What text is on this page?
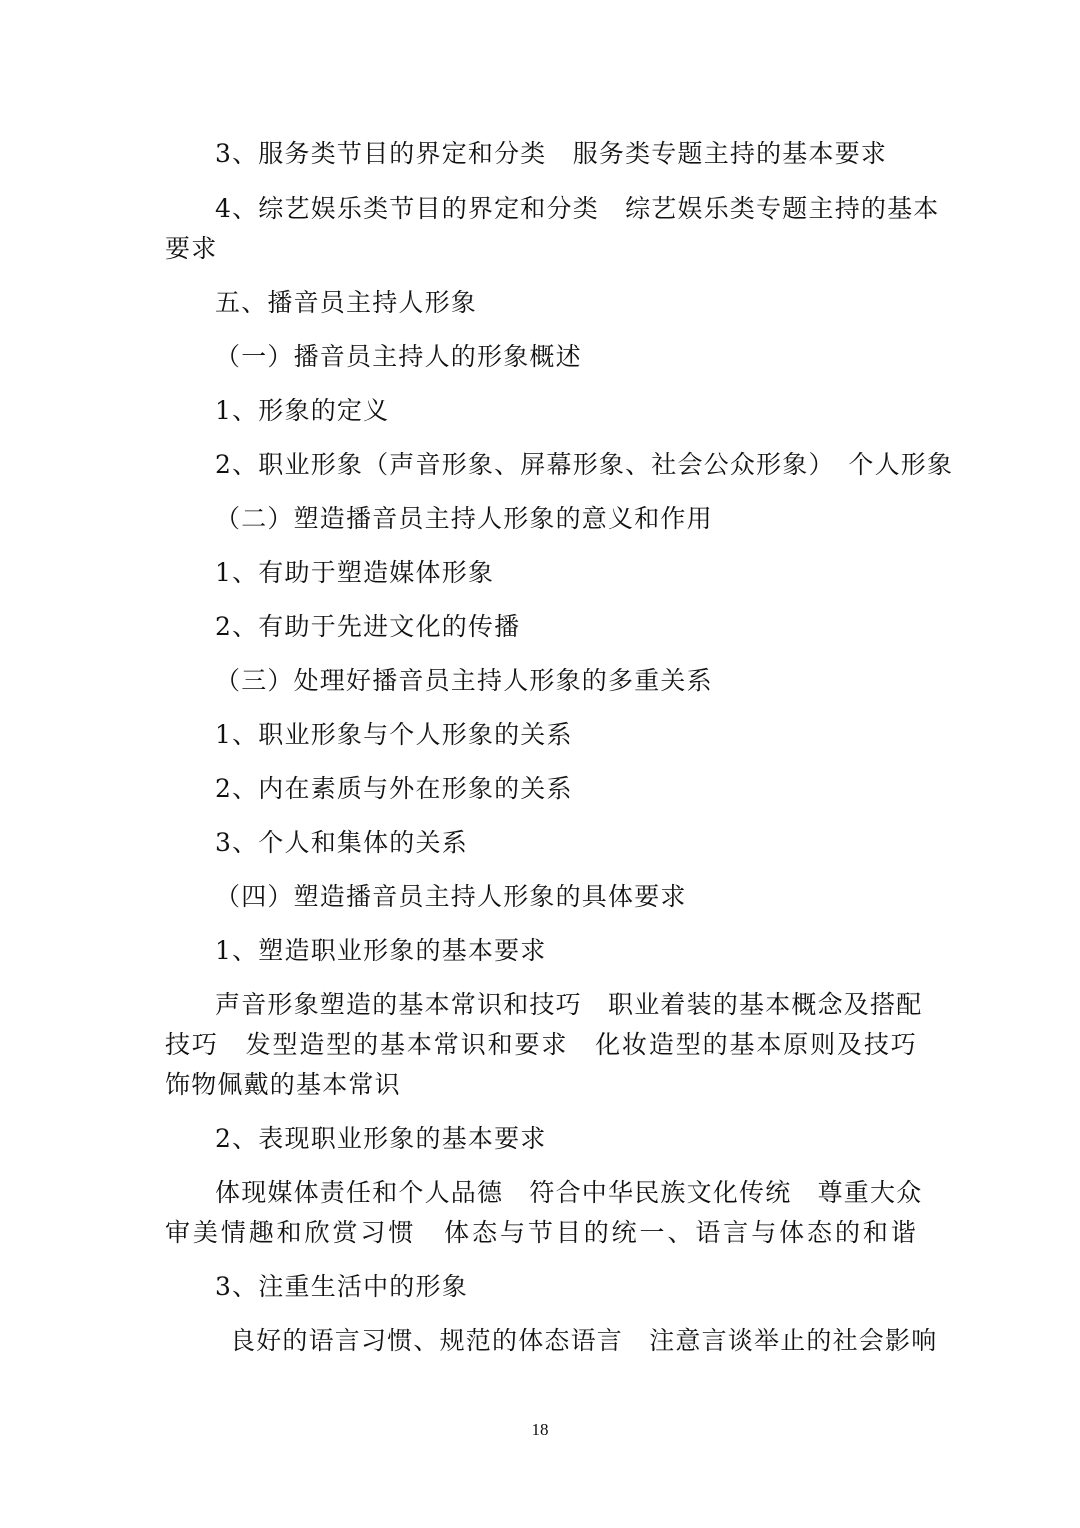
3、服务类节目的界定和分类　服务类专题主持的基本要求
4、综艺娱乐类节目的界定和分类　综艺娱乐类专题主持的基本
要求
五、播音员主持人形象
（一）播音员主持人的形象概述
1、形象的定义
2、职业形象（声音形象、屏幕形象、社会公众形象）　个人形象
（二）塑造播音员主持人形象的意义和作用
1、有助于塑造媒体形象
2、有助于先进文化的传播
（三）处理好播音员主持人形象的多重关系
1、职业形象与个人形象的关系
2、内在素质与外在形象的关系
3、个人和集体的关系
（四）塑造播音员主持人形象的具体要求
1、塑造职业形象的基本要求
声音形象塑造的基本常识和技巧　职业着装的基本概念及搭配
技巧　发型造型的基本常识和要求　化妆造型的基本原则及技巧
饰物佩戴的基本常识
2、表现职业形象的基本要求
体现媒体责任和个人品德　符合中华民族文化传统　尊重大众
审美情趣和欣赏习惯　体态与节目的统一、语言与体态的和谐
3、注重生活中的形象
良好的语言习惯、规范的体态语言　注意言谈举止的社会影响
18
